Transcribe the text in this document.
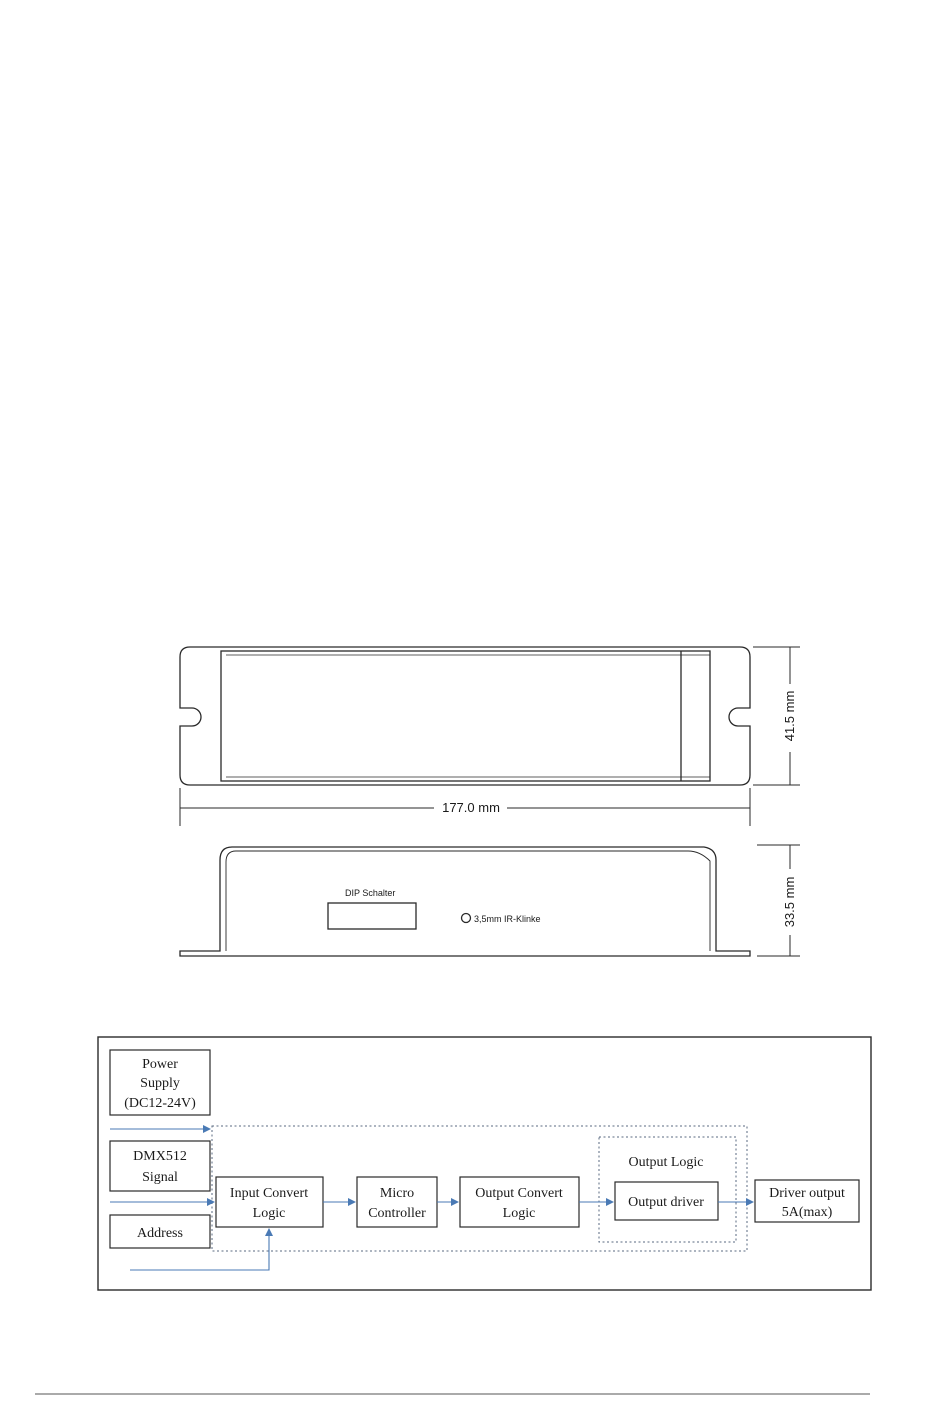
177.0 mm
41.5 mm
DIP Schalter
3,5mm IR-Klinke	33.5 mm
Power
Supply
(DC12-24V)
DMX512
Signal
Address
Input Convert
Logic
Micro
Controller
Output Convert
Logic
Output Logic
Output driver
Driver output
5A(max)
